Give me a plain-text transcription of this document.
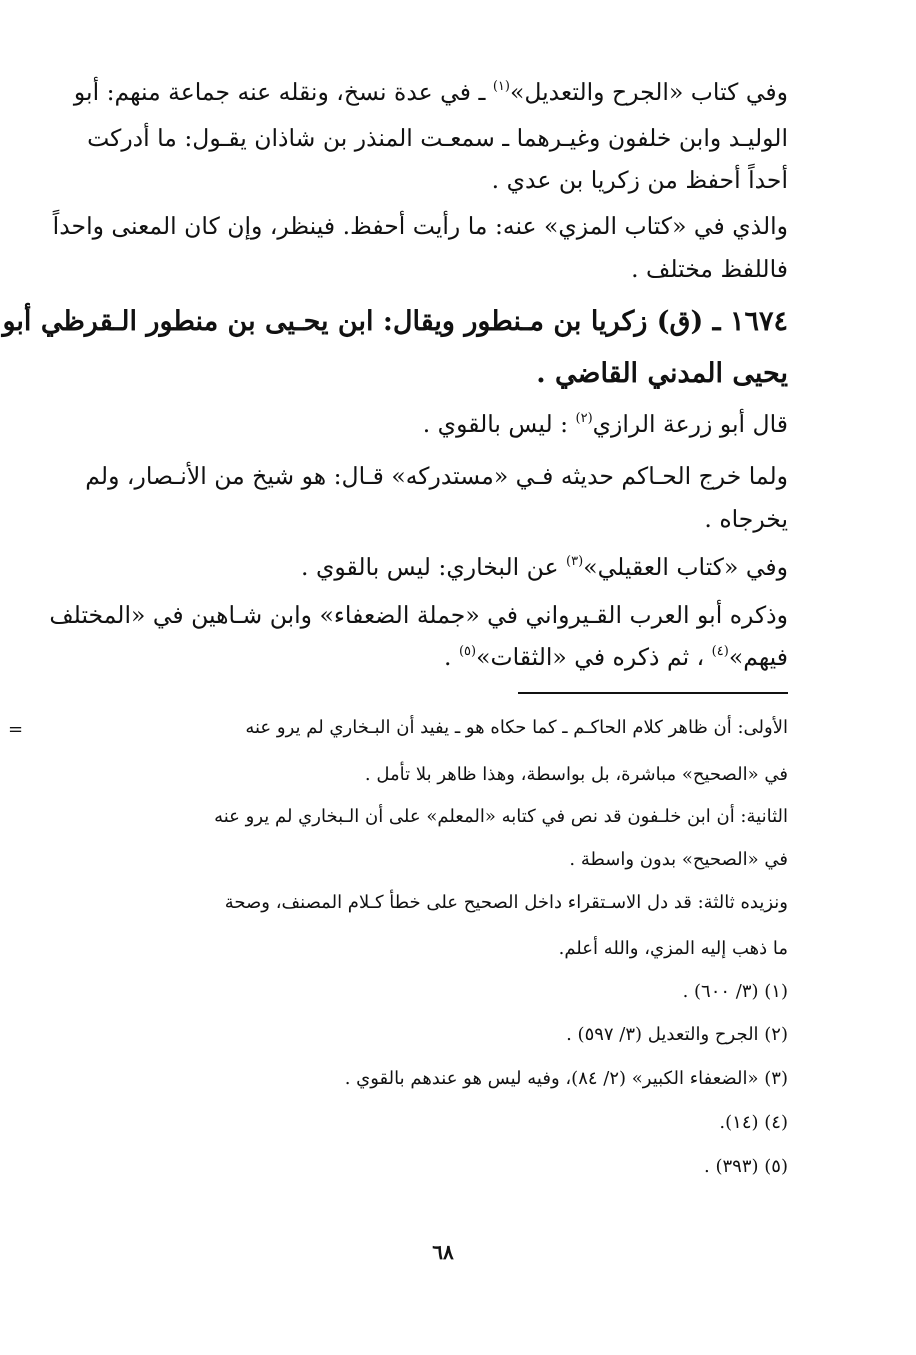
وفي كتاب «الجرح والتعديل»$^{(١)}$ ـ في عدة نسخ، ونقله عنه جماعة منهم: أبو
الوليـد وابن خلفون وغيـرهما ـ سمعـت المنذر بن شاذان يقـول: ما أدركت
أحداً أحفظ من زكريا بن عدي .
والذي في «كتاب المزي» عنه: ما رأيت أحفظ. فينظر، وإن كان المعنى واحداً
فاللفظ مختلف .
١٦٧٤ ـ (ق) زكريا بن مـنطور ويقال: ابن يحـيى بن منطور الـقرظي أبو
يحيى المدني القاضي .
قال أبو زرعة الرازي$^{(٢)}$ : ليس بالقوي .
ولما خرج الحـاكم حديثه فـي «مستدركه» قـال: هو شيخ من الأنـصار، ولم
يخرجاه .
وفي «كتاب العقيلي»$^{(٣)}$ عن البخاري: ليس بالقوي .
وذكره أبو العرب القـيرواني في «جملة الضعفاء» وابن شـاهين في «المختلف
فيهم»$^{(٤)}$ ، ثم ذكره في «الثقات»$^{(٥)}$ .
=	الأولى: أن ظاهر كلام الحاكـم ـ كما حكاه هو ـ يفيد أن البـخاري لم يرو عنه
في «الصحيح» مباشرة، بل بواسطة، وهذا ظاهر بلا تأمل .
الثانية: أن ابن خلـفون قد نص في كتابه «المعلم» على أن الـبخاري لم يرو عنه
في «الصحيح» بدون واسطة .
ونزيده ثالثة: قد دل الاسـتقراء داخل الصحيح على خطأ كـلام المصنف، وصحة
ما ذهب إليه المزي، والله أعلم.
(١) (٣/ ٦٠٠) .
(٢) الجرح والتعديل (٣/ ٥٩٧) .
(٣) «الضعفاء الكبير» (٢/ ٨٤)، وفيه ليس هو عندهم بالقوي .
(٤) (١٤).
(٥) (٣٩٣) .
٦٨
